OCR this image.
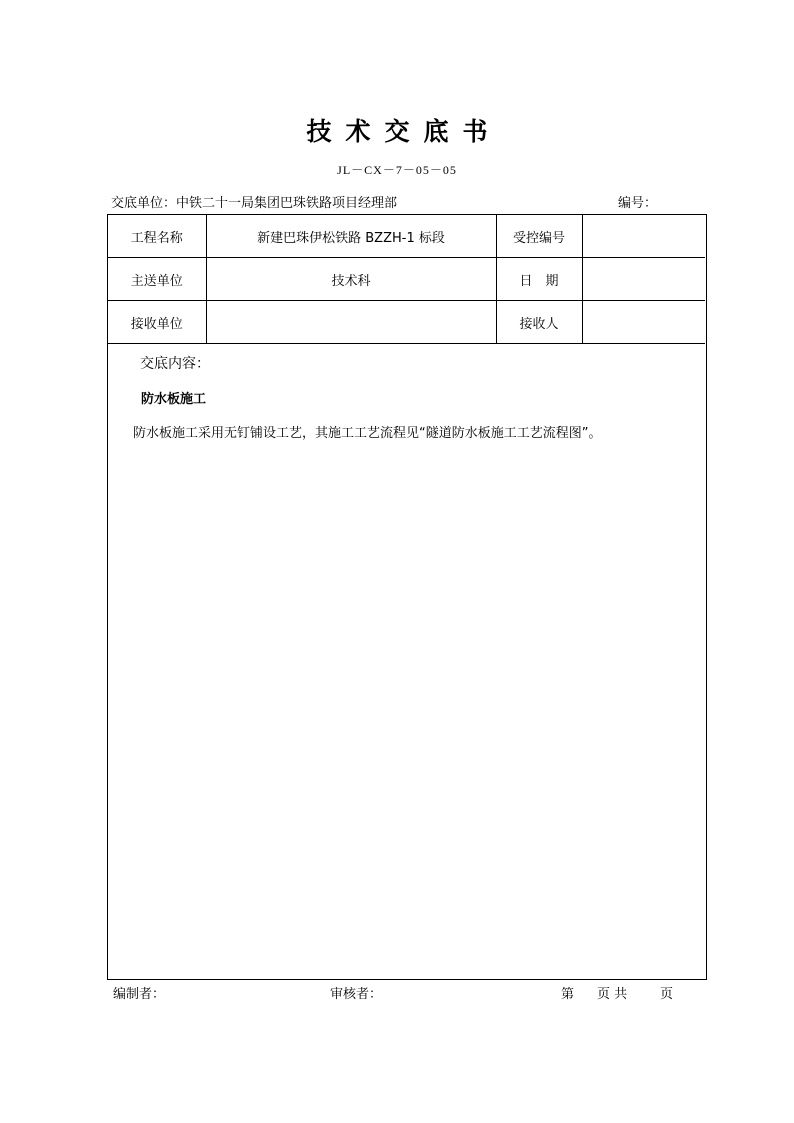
技术交底书
JL－CX－7－05－05
交底单位：中铁二十一局集团巴珠铁路项目经理部	编号：
工程名称	新建巴珠伊松铁路 BZZH-1 标段	受控编号	
主送单位	技术科	日　期	
接收单位		接收人	
交底内容：
防水板施工
防水板施工采用无钉铺设工艺，其施工工艺流程见“隧道防水板施工工艺流程图”。
编制者：	审核者：	第 页 共	页
